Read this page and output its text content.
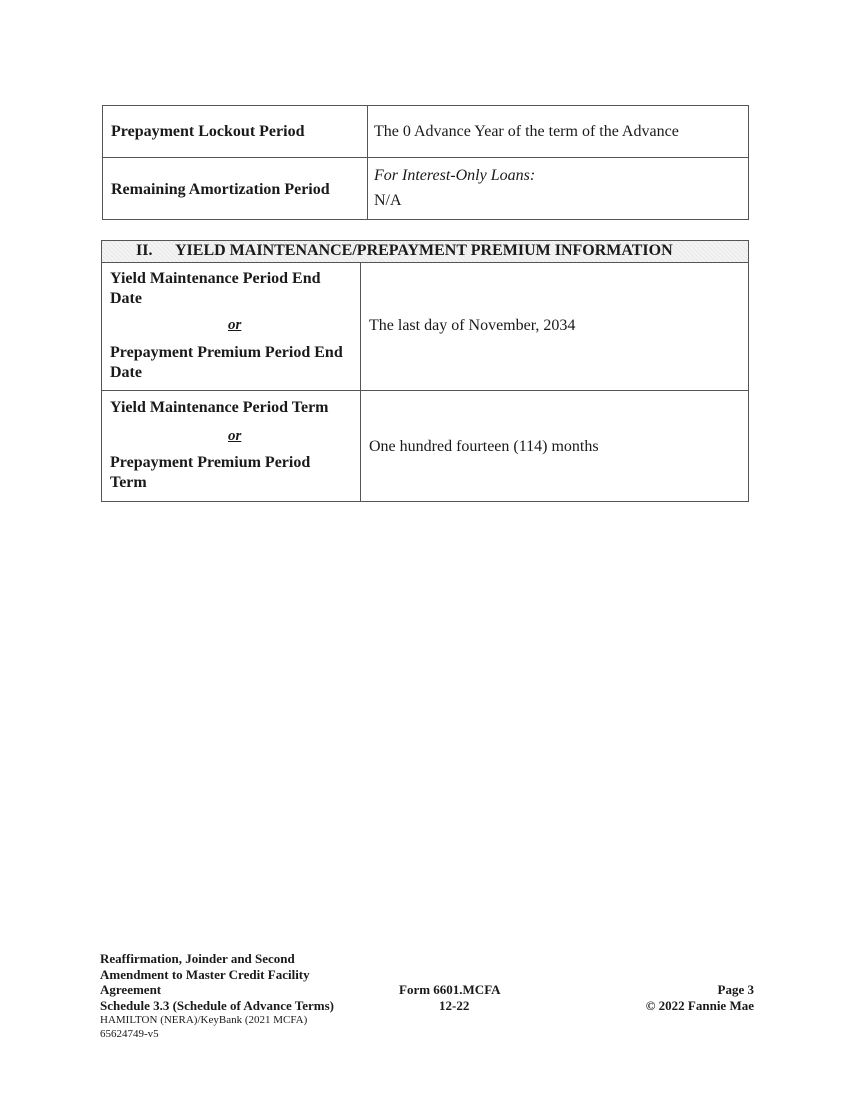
Prepayment Lockout Period	The 0 Advance Year of the term of the Advance
Remaining Amortization Period
For Interest-Only Loans:
N/A
II. YIELD MAINTENANCE/PREPAYMENT PREMIUM INFORMATION
Yield Maintenance Period End
Date
or
Prepayment Premium Period End
Date
The last day of November, 2034
Yield Maintenance Period Term
or
Prepayment Premium Period
Term
One hundred fourteen (114) months
Reaffirmation, Joinder and Second
Amendment to Master Credit Facility
Agreement
Schedule 3.3 (Schedule of Advance Terms)
HAMILTON (NERA)/KeyBank (2021 MCFA)
65624749-v5
Form 6601.MCFA
12-22
Page 3
© 2022 Fannie Mae
